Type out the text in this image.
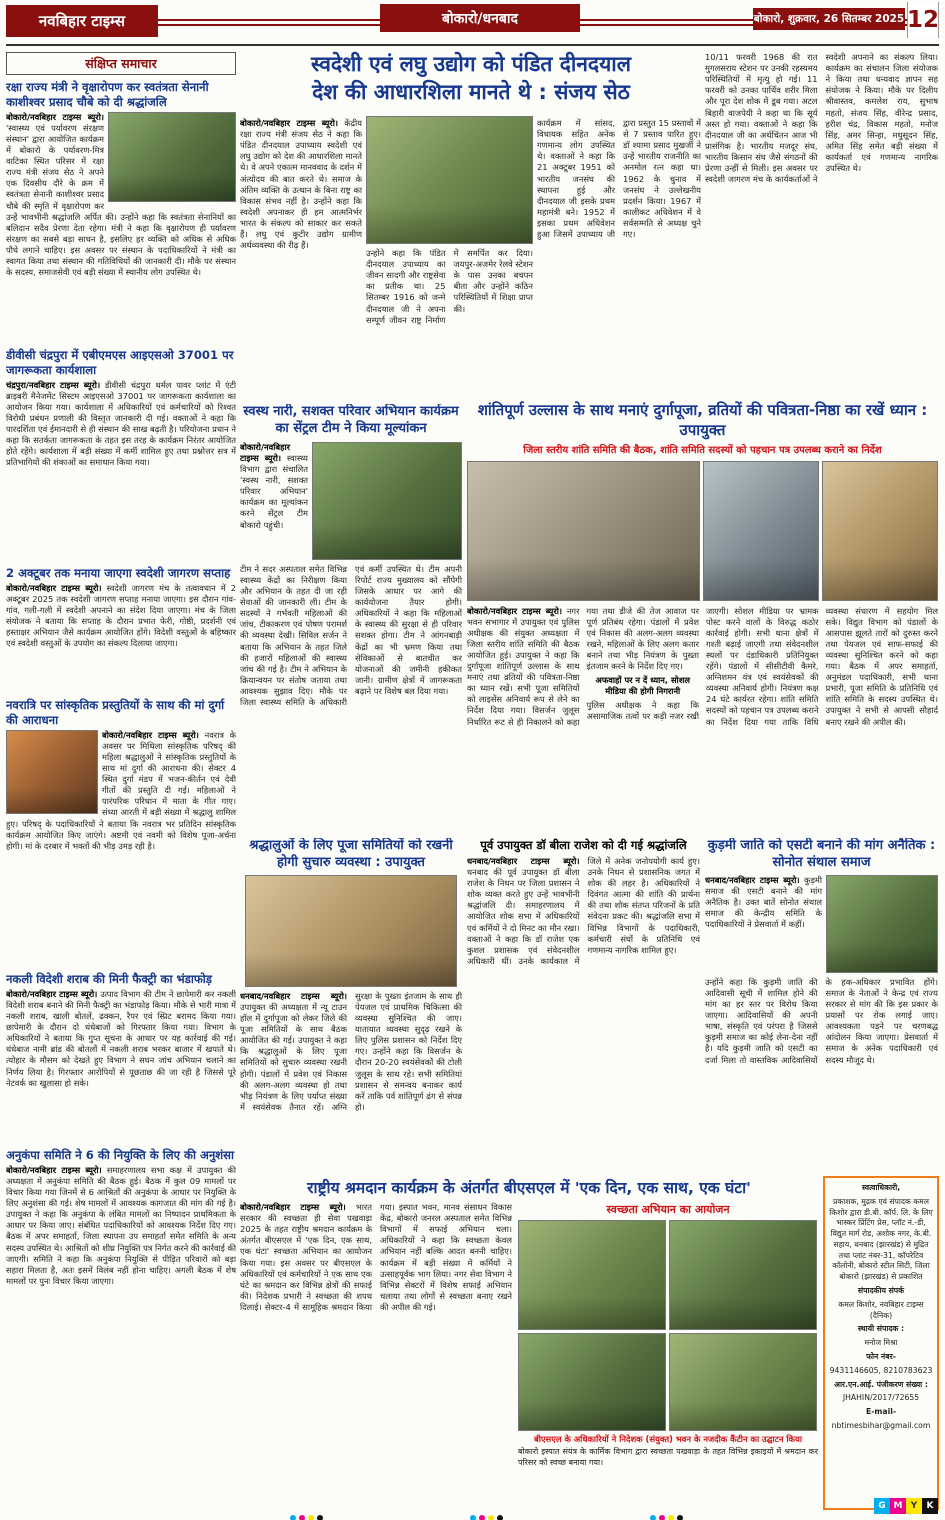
नवबिहार टाइम्स	बोकारो/धनबाद	बोकारो, शुक्रवार, 26 सितम्बर 2025 12
संक्षिप्त समाचार
रक्षा राज्य मंत्री ने वृक्षारोपण कर स्वतंत्रता सेनानी काशीश्वर प्रसाद चौबे को दी श्रद्धांजलि

बोकारो/नवबिहार टाइम्स ब्यूरो। 'स्वास्थ्य एवं पर्यावरण संरक्षण संस्थान' द्वारा आयोजित कार्यक्रम में बोकारो के पर्यावरण-मित्र वाटिका स्थित परिसर में रक्षा राज्य मंत्री संजय सेठ ने अपने एक दिवसीय दौरे के क्रम में स्वतंत्रता सेनानी काशीश्वर प्रसाद चौबे की स्मृति में वृक्षारोपण कर उन्हें भावभीनी श्रद्धांजलि अर्पित की। उन्होंने कहा कि स्वतंत्रता सेनानियों का बलिदान सदैव प्रेरणा देता रहेगा। मंत्री ने कहा कि वृक्षारोपण ही पर्यावरण संरक्षण का सबसे बड़ा साधन है, इसलिए हर व्यक्ति को अधिक से अधिक पौधे लगाने चाहिए। इस अवसर पर संस्थान के पदाधिकारियों ने मंत्री का स्वागत किया तथा संस्थान की गतिविधियों की जानकारी दी। मौके पर संस्थान के सदस्य, समाजसेवी एवं बड़ी संख्या में स्थानीय लोग उपस्थित थे।

डीवीसी चंद्रपुरा में एबीएमएस आइएसओ 37001 पर जागरूकता कार्यशाला

चंद्रपुरा/नवबिहार टाइम्स ब्यूरो। डीवीसी चंद्रपुरा थर्मल पावर प्लांट में एंटी ब्राइबरी मैनेजमेंट सिस्टम आइएसओ 37001 पर जागरूकता कार्यशाला का आयोजन किया गया। कार्यशाला में अधिकारियों एवं कर्मचारियों को रिश्वत विरोधी प्रबंधन प्रणाली की विस्तृत जानकारी दी गई। वक्ताओं ने कहा कि पारदर्शिता एवं ईमानदारी से ही संस्थान की साख बढ़ती है। परियोजना प्रधान ने कहा कि सतर्कता जागरूकता के तहत इस तरह के कार्यक्रम निरंतर आयोजित होते रहेंगे। कार्यशाला में बड़ी संख्या में कर्मी शामिल हुए तथा प्रश्नोत्तर सत्र में प्रतिभागियों की शंकाओं का समाधान किया गया।

2 अक्टूबर तक मनाया जाएगा स्वदेशी जागरण सप्ताह

बोकारो/नवबिहार टाइम्स ब्यूरो। स्वदेशी जागरण मंच के तत्वावधान में 2 अक्टूबर 2025 तक स्वदेशी जागरण सप्ताह मनाया जाएगा। इस दौरान गांव-गांव, गली-गली में स्वदेशी अपनाने का संदेश दिया जाएगा। मंच के जिला संयोजक ने बताया कि सप्ताह के दौरान प्रभात फेरी, गोष्ठी, प्रदर्शनी एवं हस्ताक्षर अभियान जैसे कार्यक्रम आयोजित होंगे। विदेशी वस्तुओं के बहिष्कार एवं स्वदेशी वस्तुओं के उपयोग का संकल्प दिलाया जाएगा।

नवरात्रि पर सांस्कृतिक प्रस्तुतियों के साथ की मां दुर्गा की आराधना

बोकारो/नवबिहार टाइम्स ब्यूरो। नवरात्र के अवसर पर मिथिला सांस्कृतिक परिषद् की महिला श्रद्धालुओं ने सांस्कृतिक प्रस्तुतियों के साथ मां दुर्गा की आराधना की। सेक्टर 4 स्थित दुर्गा मंडप में भजन-कीर्तन एवं देवी गीतों की प्रस्तुति दी गई। महिलाओं ने पारंपरिक परिधान में माता के गीत गाए। संध्या आरती में बड़ी संख्या में श्रद्धालु शामिल हुए। परिषद् के पदाधिकारियों ने बताया कि नवरात्र भर प्रतिदिन सांस्कृतिक कार्यक्रम आयोजित किए जाएंगे। अष्टमी एवं नवमी को विशेष पूजा-अर्चना होगी। मां के दरबार में भक्तों की भीड़ उमड़ रही है।

नकली विदेशी शराब की मिनी फैक्ट्री का भंडाफोड़

बोकारो/नवबिहार टाइम्स ब्यूरो। उत्पाद विभाग की टीम ने छापेमारी कर नकली विदेशी शराब बनाने की मिनी फैक्ट्री का भंडाफोड़ किया। मौके से भारी मात्रा में नकली शराब, खाली बोतलें, ढक्कन, रैपर एवं स्प्रिट बरामद किया गया। छापेमारी के दौरान दो धंधेबाजों को गिरफ्तार किया गया। विभाग के अधिकारियों ने बताया कि गुप्त सूचना के आधार पर यह कार्रवाई की गई। धंधेबाज नामी ब्रांड की बोतलों में नकली शराब भरकर बाजार में खपाते थे। त्योहार के मौसम को देखते हुए विभाग ने सघन जांच अभियान चलाने का निर्णय लिया है। गिरफ्तार आरोपियों से पूछताछ की जा रही है जिससे पूरे नेटवर्क का खुलासा हो सके।

अनुकंपा समिति ने 6 की नियुक्ति के लिए की अनुशंसा

बोकारो/नवबिहार टाइम्स ब्यूरो। समाहरणालय सभा कक्ष में उपायुक्त की अध्यक्षता में अनुकंपा समिति की बैठक हुई। बैठक में कुल 09 मामलों पर विचार किया गया जिनमें से 6 आश्रितों की अनुकंपा के आधार पर नियुक्ति के लिए अनुशंसा की गई। शेष मामलों में आवश्यक कागजात की मांग की गई है। उपायुक्त ने कहा कि अनुकंपा के लंबित मामलों का निष्पादन प्राथमिकता के आधार पर किया जाए। संबंधित पदाधिकारियों को आवश्यक निर्देश दिए गए। बैठक में अपर समाहर्ता, जिला स्थापना उप समाहर्ता समेत समिति के अन्य सदस्य उपस्थित थे। आश्रितों को शीघ्र नियुक्ति पत्र निर्गत करने की कार्रवाई की जाएगी। समिति ने कहा कि अनुकंपा नियुक्ति से पीड़ित परिवारों को बड़ा सहारा मिलता है, अतः इसमें विलंब नहीं होना चाहिए। अगली बैठक में शेष मामलों पर पुनः विचार किया जाएगा।

स्वदेशी एवं लघु उद्योग को पंडित दीनदयाल
देश की आधारशिला मानते थे : संजय सेठ

बोकारो/नवबिहार टाइम्स ब्यूरो। केंद्रीय रक्षा राज्य मंत्री संजय सेठ ने कहा कि पंडित दीनदयाल उपाध्याय स्वदेशी एवं लघु उद्योग को देश की आधारशिला मानते थे। वे अपने एकात्म मानववाद के दर्शन में अंत्योदय की बात करते थे। समाज के अंतिम व्यक्ति के उत्थान के बिना राष्ट्र का विकास संभव नहीं है। उन्होंने कहा कि स्वदेशी अपनाकर ही हम आत्मनिर्भर भारत के संकल्प को साकार कर सकते हैं। लघु एवं कुटीर उद्योग ग्रामीण अर्थव्यवस्था की रीढ़ हैं।

उन्होंने कहा कि पंडित दीनदयाल उपाध्याय का जीवन सादगी और राष्ट्रसेवा का प्रतीक था। 25 सितम्बर 1916 को जन्मे दीनदयाल जी ने अपना सम्पूर्ण जीवन राष्ट्र निर्माण में समर्पित कर दिया। जयपुर-अजमेर रेलवे स्टेशन के पास उनका बचपन बीता और उन्होंने कठिन परिस्थितियों में शिक्षा प्राप्त की।

कार्यक्रम में सांसद, विधायक सहित अनेक गणमान्य लोग उपस्थित थे। वक्ताओं ने कहा कि 21 अक्टूबर 1951 को भारतीय जनसंघ की स्थापना हुई और दीनदयाल जी इसके प्रथम महामंत्री बने। 1952 में इसका प्रथम अधिवेशन हुआ जिसमें उपाध्याय जी द्वारा प्रस्तुत 15 प्रस्तावों में से 7 प्रस्ताव पारित हुए। डॉ श्यामा प्रसाद मुखर्जी ने उन्हें भारतीय राजनीति का अनमोल रत्न कहा था। 1962 के चुनाव में जनसंघ ने उल्लेखनीय प्रदर्शन किया। 1967 में कालीकट अधिवेशन में वे सर्वसम्मति से अध्यक्ष चुने गए।

10/11 फरवरी 1968 की रात मुगलसराय स्टेशन पर उनकी रहस्यमय परिस्थितियों में मृत्यु हो गई। 11 फरवरी को उनका पार्थिव शरीर मिला और पूरा देश शोक में डूब गया। अटल बिहारी वाजपेयी ने कहा था कि सूर्य अस्त हो गया। वक्ताओं ने कहा कि दीनदयाल जी का अर्थचिंतन आज भी प्रासंगिक है। भारतीय मजदूर संघ, भारतीय किसान संघ जैसे संगठनों की प्रेरणा उन्हीं से मिली। इस अवसर पर स्वदेशी जागरण मंच के कार्यकर्ताओं ने स्वदेशी अपनाने का संकल्प लिया। कार्यक्रम का संचालन जिला संयोजक ने किया तथा धन्यवाद ज्ञापन सह संयोजक ने किया। मौके पर दिलीप श्रीवास्तव, कमलेश राय, सुभाष महतो, संजय सिंह, वीरेन्द्र प्रसाद, हरीश चंद्र, विकास महतो, मनोज सिंह, अमर सिन्हा, मधुसूदन सिंह, अमित सिंह समेत बड़ी संख्या में कार्यकर्ता एवं गणमान्य नागरिक उपस्थित थे।

स्वस्थ नारी, सशक्त परिवार अभियान कार्यक्रम का सेंट्रल टीम ने किया मूल्यांकन

बोकारो/नवबिहार टाइम्स ब्यूरो। स्वास्थ्य विभाग द्वारा संचालित 'स्वस्थ नारी, सशक्त परिवार अभियान' कार्यक्रम का मूल्यांकन करने सेंट्रल टीम बोकारो पहुंची।

टीम ने सदर अस्पताल समेत विभिन्न स्वास्थ्य केंद्रों का निरीक्षण किया और अभियान के तहत दी जा रही सेवाओं की जानकारी ली। टीम के सदस्यों ने गर्भवती महिलाओं की जांच, टीकाकरण एवं पोषण परामर्श की व्यवस्था देखी। सिविल सर्जन ने बताया कि अभियान के तहत जिले की हजारों महिलाओं की स्वास्थ्य जांच की गई है। टीम ने अभियान के क्रियान्वयन पर संतोष जताया तथा आवश्यक सुझाव दिए। मौके पर जिला स्वास्थ्य समिति के अधिकारी एवं कर्मी उपस्थित थे। टीम अपनी रिपोर्ट राज्य मुख्यालय को सौंपेगी जिसके आधार पर आगे की कार्ययोजना तैयार होगी। अधिकारियों ने कहा कि महिलाओं के स्वास्थ्य की सुरक्षा से ही परिवार सशक्त होगा। टीम ने आंगनबाड़ी केंद्रों का भी भ्रमण किया तथा सेविकाओं से बातचीत कर योजनाओं की जमीनी हकीकत जानी। ग्रामीण क्षेत्रों में जागरूकता बढ़ाने पर विशेष बल दिया गया।

शांतिपूर्ण उल्लास के साथ मनाएं दुर्गापूजा, व्रतियों की पवित्रता-निष्ठा का रखें ध्यान : उपायुक्त
जिला स्तरीय शांति समिति की बैठक, शांति समिति सदस्यों को पहचान पत्र उपलब्ध कराने का निर्देश

बोकारो/नवबिहार टाइम्स ब्यूरो। नगर भवन सभागार में उपायुक्त एवं पुलिस अधीक्षक की संयुक्त अध्यक्षता में जिला स्तरीय शांति समिति की बैठक आयोजित हुई। उपायुक्त ने कहा कि दुर्गापूजा शांतिपूर्ण उल्लास के साथ मनाएं तथा व्रतियों की पवित्रता-निष्ठा का ध्यान रखें। सभी पूजा समितियों को लाइसेंस अनिवार्य रूप से लेने का निर्देश दिया गया। विसर्जन जुलूस निर्धारित रूट से ही निकालने को कहा गया तथा डीजे की तेज आवाज पर पूर्ण प्रतिबंध रहेगा। पंडालों में प्रवेश एवं निकास की अलग-अलग व्यवस्था रखने, महिलाओं के लिए अलग कतार बनाने तथा भीड़ नियंत्रण के पुख्ता इंतजाम करने के निर्देश दिए गए।

अफवाहों पर न दें ध्यान, सोशल मीडिया की होगी निगरानी

पुलिस अधीक्षक ने कहा कि असामाजिक तत्वों पर कड़ी नजर रखी जाएगी। सोशल मीडिया पर भ्रामक पोस्ट करने वालों के विरुद्ध कठोर कार्रवाई होगी। सभी थाना क्षेत्रों में गश्ती बढ़ाई जाएगी तथा संवेदनशील स्थलों पर दंडाधिकारी प्रतिनियुक्त रहेंगे। पंडालों में सीसीटीवी कैमरे, अग्निशमन यंत्र एवं स्वयंसेवकों की व्यवस्था अनिवार्य होगी। नियंत्रण कक्ष 24 घंटे कार्यरत रहेगा। शांति समिति सदस्यों को पहचान पत्र उपलब्ध कराने का निर्देश दिया गया ताकि विधि व्यवस्था संधारण में सहयोग मिल सके। विद्युत विभाग को पंडालों के आसपास झूलते तारों को दुरुस्त करने तथा पेयजल एवं साफ-सफाई की व्यवस्था सुनिश्चित करने को कहा गया। बैठक में अपर समाहर्ता, अनुमंडल पदाधिकारी, सभी थाना प्रभारी, पूजा समिति के प्रतिनिधि एवं शांति समिति के सदस्य उपस्थित थे। उपायुक्त ने सभी से आपसी सौहार्द बनाए रखने की अपील की।

श्रद्धालुओं के लिए पूजा समितियों को रखनी होगी सुचारु व्यवस्था : उपायुक्त

धनबाद/नवबिहार टाइम्स ब्यूरो। उपायुक्त की अध्यक्षता में न्यू टाउन हॉल में दुर्गापूजा को लेकर जिले की पूजा समितियों के साथ बैठक आयोजित की गई। उपायुक्त ने कहा कि श्रद्धालुओं के लिए पूजा समितियों को सुचारु व्यवस्था रखनी होगी। पंडालों में प्रवेश एवं निकास की अलग-अलग व्यवस्था हो तथा भीड़ नियंत्रण के लिए पर्याप्त संख्या में स्वयंसेवक तैनात रहें। अग्नि सुरक्षा के पुख्ता इंतजाम के साथ ही पेयजल एवं प्राथमिक चिकित्सा की व्यवस्था सुनिश्चित की जाए। यातायात व्यवस्था सुदृढ़ रखने के लिए पुलिस प्रशासन को निर्देश दिए गए। उन्होंने कहा कि विसर्जन के दौरान 20-20 स्वयंसेवकों की टोली जुलूस के साथ रहे। सभी समितियां प्रशासन से समन्वय बनाकर कार्य करें ताकि पर्व शांतिपूर्ण ढंग से संपन्न हो।

पूर्व उपायुक्त डॉ बीला राजेश को दी गई श्रद्धांजलि

धनबाद/नवबिहार टाइम्स ब्यूरो। धनबाद की पूर्व उपायुक्त डॉ बीला राजेश के निधन पर जिला प्रशासन ने शोक व्यक्त करते हुए उन्हें भावभीनी श्रद्धांजलि दी। समाहरणालय में आयोजित शोक सभा में अधिकारियों एवं कर्मियों ने दो मिनट का मौन रखा। वक्ताओं ने कहा कि डॉ राजेश एक कुशल प्रशासक एवं संवेदनशील अधिकारी थीं। उनके कार्यकाल में जिले में अनेक जनोपयोगी कार्य हुए। उनके निधन से प्रशासनिक जगत में शोक की लहर है। अधिकारियों ने दिवंगत आत्मा की शांति की प्रार्थना की तथा शोक संतप्त परिजनों के प्रति संवेदना प्रकट की। श्रद्धांजलि सभा में विभिन्न विभागों के पदाधिकारी, कर्मचारी संघों के प्रतिनिधि एवं गणमान्य नागरिक शामिल हुए।

कुड़मी जाति को एसटी बनाने की मांग अनैतिक : सोनोत संथाल समाज

धनबाद/नवबिहार टाइम्स ब्यूरो। कुड़मी समाज की एसटी बनाने की मांग अनैतिक है। उक्त बातें सोनोत संथाल समाज की केन्द्रीय समिति के पदाधिकारियों ने प्रेसवार्ता में कहीं।

उन्होंने कहा कि कुड़मी जाति की आदिवासी सूची में शामिल होने की मांग का हर स्तर पर विरोध किया जाएगा। आदिवासियों की अपनी भाषा, संस्कृति एवं परंपरा है जिससे कुड़मी समाज का कोई लेना-देना नहीं है। यदि कुड़मी जाति को एसटी का दर्जा मिला तो वास्तविक आदिवासियों के हक-अधिकार प्रभावित होंगे। समाज के नेताओं ने केन्द्र एवं राज्य सरकार से मांग की कि इस प्रकार के प्रयासों पर रोक लगाई जाए। आवश्यकता पड़ने पर चरणबद्ध आंदोलन किया जाएगा। प्रेसवार्ता में समाज के अनेक पदाधिकारी एवं सदस्य मौजूद थे।

राष्ट्रीय श्रमदान कार्यक्रम के अंतर्गत बीएसएल में 'एक दिन, एक साथ, एक घंटा'

बोकारो/नवबिहार टाइम्स ब्यूरो। भारत सरकार की स्वच्छता ही सेवा पखवाड़ा 2025 के तहत राष्ट्रीय श्रमदान कार्यक्रम के अंतर्गत बीएसएल में 'एक दिन, एक साथ, एक घंटा' स्वच्छता अभियान का आयोजन किया गया। इस अवसर पर बीएसएल के अधिकारियों एवं कर्मचारियों ने एक साथ एक घंटे का श्रमदान कर विभिन्न क्षेत्रों की सफाई की। निदेशक प्रभारी ने स्वच्छता की शपथ दिलाई। सेक्टर-4 में सामूहिक श्रमदान किया गया। इस्पात भवन, मानव संसाधन विकास केंद्र, बोकारो जनरल अस्पताल समेत विभिन्न विभागों में सफाई अभियान चला। अधिकारियों ने कहा कि स्वच्छता केवल अभियान नहीं बल्कि आदत बननी चाहिए। कार्यक्रम में बड़ी संख्या में कर्मियों ने उत्साहपूर्वक भाग लिया। नगर सेवा विभाग ने विभिन्न सेक्टरों में विशेष सफाई अभियान चलाया तथा लोगों से स्वच्छता बनाए रखने की अपील की गई।

स्वच्छता अभियान का आयोजन
बीएसएल के अधिकारियों ने निदेशक (संयुक्त) भवन के नजदीक कैंटीन का उद्घाटन किया
बोकारो इस्पात संयंत्र के कार्मिक विभाग द्वारा स्वच्छता पखवाड़ा के तहत विभिन्न इकाइयों में श्रमदान कर परिसर को स्वच्छ बनाया गया।

स्वत्वाधिकारी,

प्रकाशक, मुद्रक एवं संपादक कमल किशोर द्वारा डी.बी. कॉर्प. लि. के लिए भास्कर प्रिंटिंग प्रेस, प्लॉट नं.-डी, विद्युत मार्ग रोड, अशोक नगर, के.बी. सहाय, धनबाद (झारखंड) से मुद्रित तथा प्लांट नंबर-31, कॉपरेटिव कॉलोनी, बोकारो स्टील सिटी, जिला बोकारो (झारखंड) से प्रकाशित

संपादकीय संपर्क

कमल किशोर, नवबिहार टाइम्स (दैनिक)

स्थायी संपादक :

मनोज मिश्रा

फोन नंबर-

9431146605, 8210783623

आर.एन.आई. पंजीकरण संख्या :

JHAHIN/2017/72655

E-mail-

nbtimesbihar@gmail.com

G M Y	K
